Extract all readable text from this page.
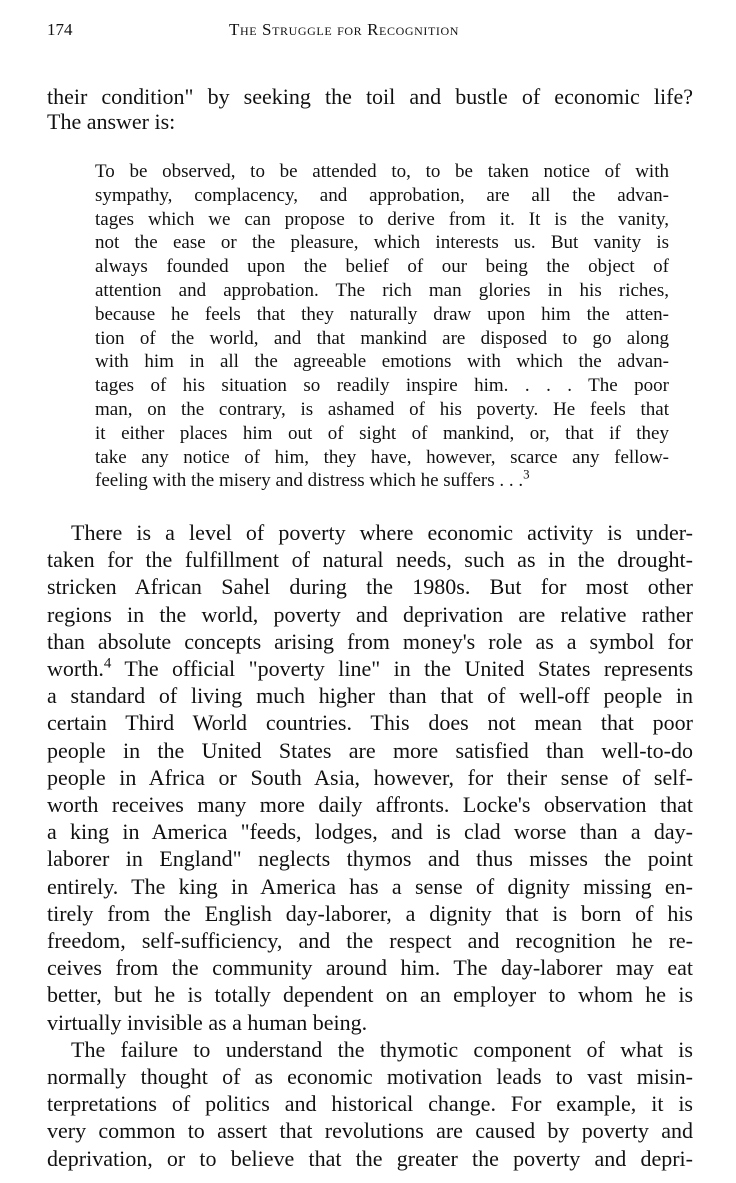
174	The Struggle for Recognition
their condition" by seeking the toil and bustle of economic life?
The answer is:
To be observed, to be attended to, to be taken notice of with
sympathy, complacency, and approbation, are all the advan-
tages which we can propose to derive from it. It is the vanity,
not the ease or the pleasure, which interests us. But vanity is
always founded upon the belief of our being the object of
attention and approbation. The rich man glories in his riches,
because he feels that they naturally draw upon him the atten-
tion of the world, and that mankind are disposed to go along
with him in all the agreeable emotions with which the advan-
tages of his situation so readily inspire him. . . . The poor
man, on the contrary, is ashamed of his poverty. He feels that
it either places him out of sight of mankind, or, that if they
take any notice of him, they have, however, scarce any fellow-
feeling with the misery and distress which he suffers . . .$^3$
There is a level of poverty where economic activity is under-
taken for the fulfillment of natural needs, such as in the drought-
stricken African Sahel during the 1980s. But for most other
regions in the world, poverty and deprivation are relative rather
than absolute concepts arising from money's role as a symbol for
worth.$^4$ The official "poverty line" in the United States represents
a standard of living much higher than that of well-off people in
certain Third World countries. This does not mean that poor
people in the United States are more satisfied than well-to-do
people in Africa or South Asia, however, for their sense of self-
worth receives many more daily affronts. Locke's observation that
a king in America "feeds, lodges, and is clad worse than a day-
laborer in England" neglects thymos and thus misses the point
entirely. The king in America has a sense of dignity missing en-
tirely from the English day-laborer, a dignity that is born of his
freedom, self-sufficiency, and the respect and recognition he re-
ceives from the community around him. The day-laborer may eat
better, but he is totally dependent on an employer to whom he is
virtually invisible as a human being.
The failure to understand the thymotic component of what is
normally thought of as economic motivation leads to vast misin-
terpretations of politics and historical change. For example, it is
very common to assert that revolutions are caused by poverty and
deprivation, or to believe that the greater the poverty and depri-
